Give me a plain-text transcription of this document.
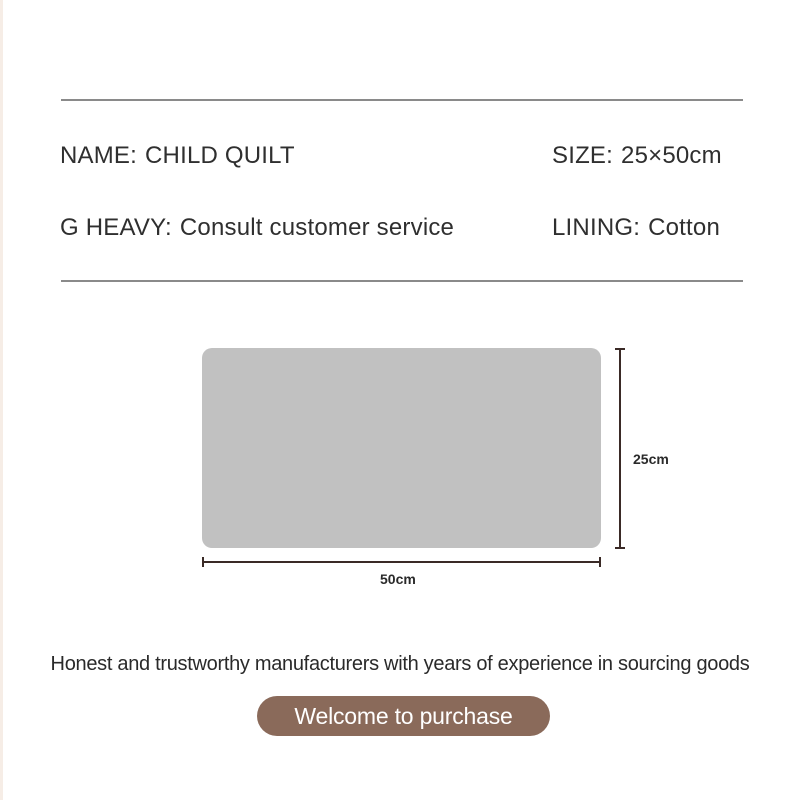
NAME: CHILD QUILT	SIZE: 25×50cm
G HEAVY: Consult customer service	LINING: Cotton
25cm
50cm
Honest and trustworthy manufacturers with years of experience in sourcing goods
Welcome to purchase
